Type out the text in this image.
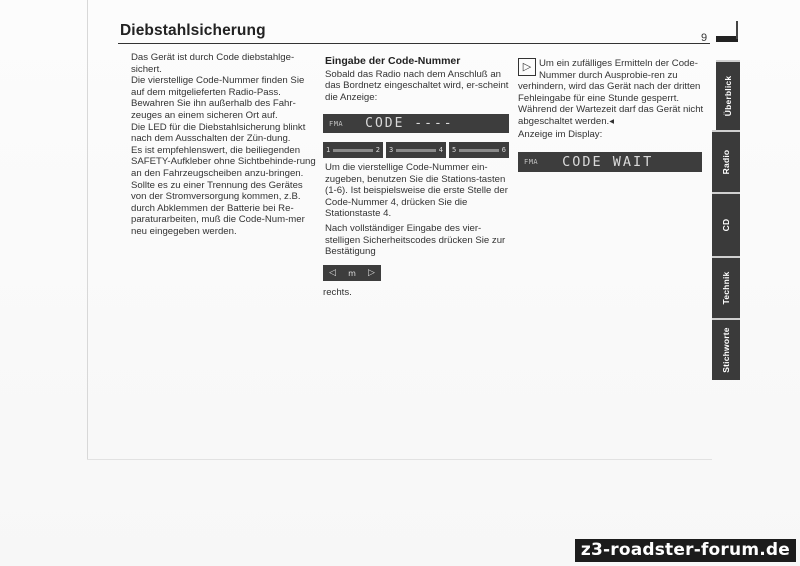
Diebstahlsicherung	9

Das Gerät ist durch Code diebstahlge-sichert.

Die vierstellige Code-Nummer finden Sie auf dem mitgelieferten Radio-Pass. Bewahren Sie ihn außerhalb des Fahr-zeuges an einem sicheren Ort auf.

Die LED für die Diebstahlsicherung blinkt nach dem Ausschalten der Zün-dung.

Es ist empfehlenswert, die beiliegenden SAFETY-Aufkleber ohne Sichtbehinde-rung an den Fahrzeugscheiben anzu-bringen.

Sollte es zu einer Trennung des Gerätes von der Stromversorgung kommen, z.B. durch Abklemmen der Batterie bei Re-paraturarbeiten, muß die Code-Num-mer neu eingegeben werden.

Eingabe der Code-Nummer

Sobald das Radio nach dem Anschluß an das Bordnetz eingeschaltet wird, er-scheint die Anzeige:

FMA CODE ----
1	2 3	4 5	6

Um die vierstellige Code-Nummer ein-zugeben, benutzen Sie die Stations-tasten (1-6). Ist beispielsweise die erste Stelle der Code-Nummer 4, drücken Sie die Stationstaste 4.

Nach vollständiger Eingabe des vier-stelligen Sicherheitscodes drücken Sie zur Bestätigung

◁ m ▷
rechts.
▷ Um ein zufälliges Ermitteln der Code-Nummer durch Ausprobie-ren zu verhindern, wird das Gerät nach der dritten Fehleingabe für eine Stunde gesperrt. Während der Wartezeit darf das Gerät nicht abgeschaltet werden.◂

Anzeige im Display:

FMA CODE WAIT
Überblick
Radio
CD
Technik
Stichworte
z3-roadster-forum.de
